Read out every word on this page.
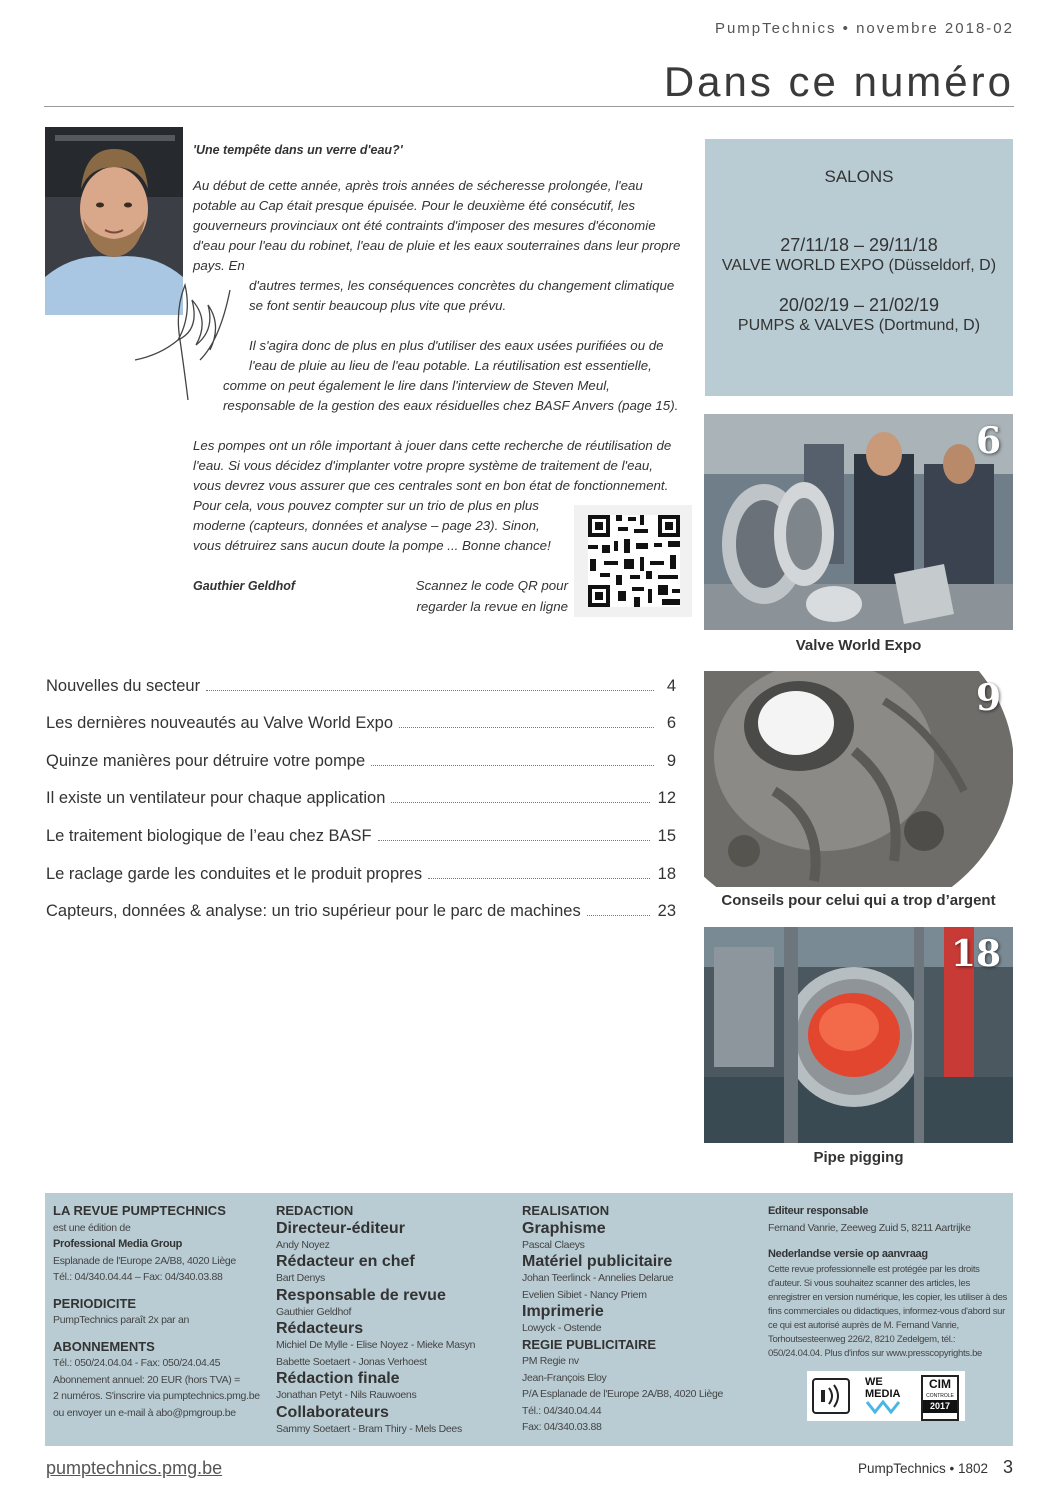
PumpTechnics • novembre 2018-02
Dans ce numéro

'Une tempête dans un verre d'eau?'

Au début de cette année, après trois années de sécheresse prolongée, l'eau potable au Cap était presque épuisée. Pour le deuxième été consécutif, les gouverneurs provinciaux ont été contraints d'imposer des mesures d'économie d'eau pour l'eau du robinet, l'eau de pluie et les eaux souterraines dans leur propre pays. En

d'autres termes, les conséquences concrètes du changement climatique se font sentir beaucoup plus vite que prévu.

Il s'agira donc de plus en plus d'utiliser des eaux usées purifiées ou de l'eau de pluie au lieu de l'eau potable. La réutilisation est essentielle,

comme on peut également le lire dans l'interview de Steven Meul, responsable de la gestion des eaux résiduelles chez BASF Anvers (page 15).

Les pompes ont un rôle important à jouer dans cette recherche de réutilisation de l'eau. Si vous décidez d'implanter votre propre système de traitement de l'eau, vous devrez vous assurer que ces centrales sont en bon état de fonctionnement.

Pour cela, vous pouvez compter sur un trio de plus en plus moderne (capteurs, données et analyse – page 23). Sinon, vous détruirez sans aucun doute la pompe ... Bonne chance!

Gauthier Geldhof	Scannez le code QR pour regarder la revue en ligne
SALONS
27/11/18 – 29/11/18
VALVE WORLD EXPO (Düsseldorf, D)
20/02/19 – 21/02/19
PUMPS & VALVES (Dortmund, D)
Nouvelles du secteur	4
Les dernières nouveautés au Valve World Expo	6
Quinze manières pour détruire votre pompe	9
Il existe un ventilateur pour chaque application	12
Le traitement biologique de l’eau chez BASF	15
Le raclage garde les conduites et le produit propres	18
Capteurs, données & analyse: un trio supérieur pour le parc de machines	23
6
Valve World Expo
9
Conseils pour celui qui a trop d’argent
18
Pipe pigging
LA REVUE PUMPTECHNICS
est une édition de
Professional Media Group
Esplanade de l'Europe 2A/B8, 4020 Liège
Tél.: 04/340.04.44 – Fax: 04/340.03.88
PERIODICITE
PumpTechnics paraît 2x par an
ABONNEMENTS
Tél.: 050/24.04.04 - Fax: 050/24.04.45
Abonnement annuel: 20 EUR (hors TVA) =
2 numéros. S'inscrire via pumptechnics.pmg.be
ou envoyer un e-mail à abo@pmgroup.be
REDACTION
Directeur-éditeur
Andy Noyez
Rédacteur en chef
Bart Denys
Responsable de revue
Gauthier Geldhof
Rédacteurs
Michiel De Mylle - Elise Noyez - Mieke Masyn
Babette Soetaert - Jonas Verhoest
Rédaction finale
Jonathan Petyt - Nils Rauwoens
Collaborateurs
Sammy Soetaert - Bram Thiry - Mels Dees
REALISATION
Graphisme
Pascal Claeys
Matériel publicitaire
Johan Teerlinck - Annelies Delarue
Evelien Sibiet - Nancy Priem
Imprimerie
Lowyck - Ostende
REGIE PUBLICITAIRE
PM Regie nv
Jean-François Eloy
P/A Esplanade de l'Europe 2A/B8, 4020 Liège
Tél.: 04/340.04.44
Fax: 04/340.03.88
Editeur responsable
Fernand Vanrie, Zeeweg Zuid 5, 8211 Aartrijke
Nederlandse versie op aanvraag
Cette revue professionnelle est protégée par les droits d'auteur. Si vous souhaitez scanner des articles, les enregistrer en version numérique, les copier, les utiliser à des fins commerciales ou didactiques, informez-vous d'abord sur ce qui est autorisé auprès de M. Fernand Vanrie, Torhoutsesteenweg 226/2, 8210 Zedelgem, tél.: 050/24.04.04. Plus d'infos sur www.presscopyrights.be
WE
MEDIA
CIM
CONTROLE
2017
pumptechnics.pmg.be	PumpTechnics • 1802 3
